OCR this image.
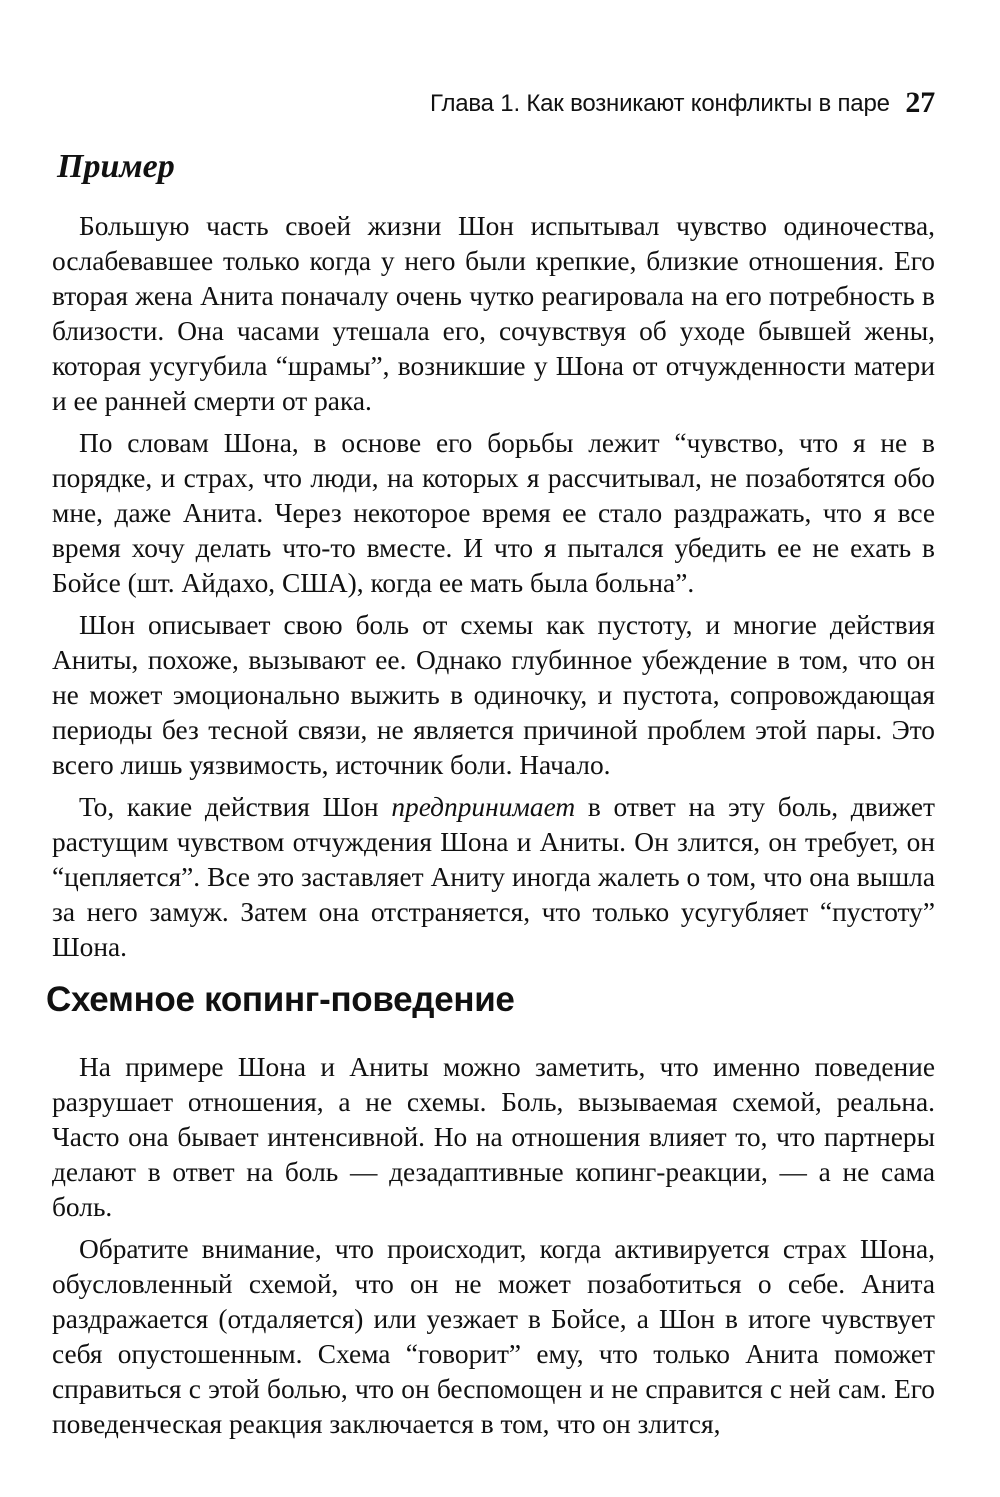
Глава 1. Как возникают конфликты в паре 27
Пример

Большую часть своей жизни Шон испытывал чувство одиночества, ослабевавшее только когда у него были крепкие, близкие отношения. Его вторая жена Анита поначалу очень чутко реагировала на его потребность в близости. Она часами утешала его, сочувствуя об уходе бывшей жены, которая усугубила “шрамы”, возникшие у Шона от отчужденности матери и ее ранней смерти от рака.

По словам Шона, в основе его борьбы лежит “чувство, что я не в порядке, и страх, что люди, на которых я рассчитывал, не позаботятся обо мне, даже Анита. Через некоторое время ее стало раздражать, что я все время хочу делать что-то вместе. И что я пытался убедить ее не ехать в Бойсе (шт. Айдахо, США), когда ее мать была больна”.

Шон описывает свою боль от схемы как пустоту, и многие действия Аниты, похоже, вызывают ее. Однако глубинное убеждение в том, что он не может эмоционально выжить в одиночку, и пустота, сопровождающая периоды без тесной связи, не является причиной проблем этой пары. Это всего лишь уязвимость, источник боли. Начало.

То, какие действия Шон предпринимает в ответ на эту боль, движет растущим чувством отчуждения Шона и Аниты. Он злится, он требует, он “цепляется”. Все это заставляет Аниту иногда жалеть о том, что она вышла за него замуж. Затем она отстраняется, что только усугубляет “пустоту” Шона.

Схемное копинг-поведение

На примере Шона и Аниты можно заметить, что именно поведение разрушает отношения, а не схемы. Боль, вызываемая схемой, реальна. Часто она бывает интенсивной. Но на отношения влияет то, что партнеры делают в ответ на боль — дезадаптивные копинг-реакции, — а не сама боль.

Обратите внимание, что происходит, когда активируется страх Шона, обусловленный схемой, что он не может позаботиться о себе. Анита раздражается (отдаляется) или уезжает в Бойсе, а Шон в итоге чувствует себя опустошенным. Схема “говорит” ему, что только Анита поможет справиться с этой болью, что он беспомощен и не справится с ней сам. Его поведенческая реакция заключается в том, что он злится,
